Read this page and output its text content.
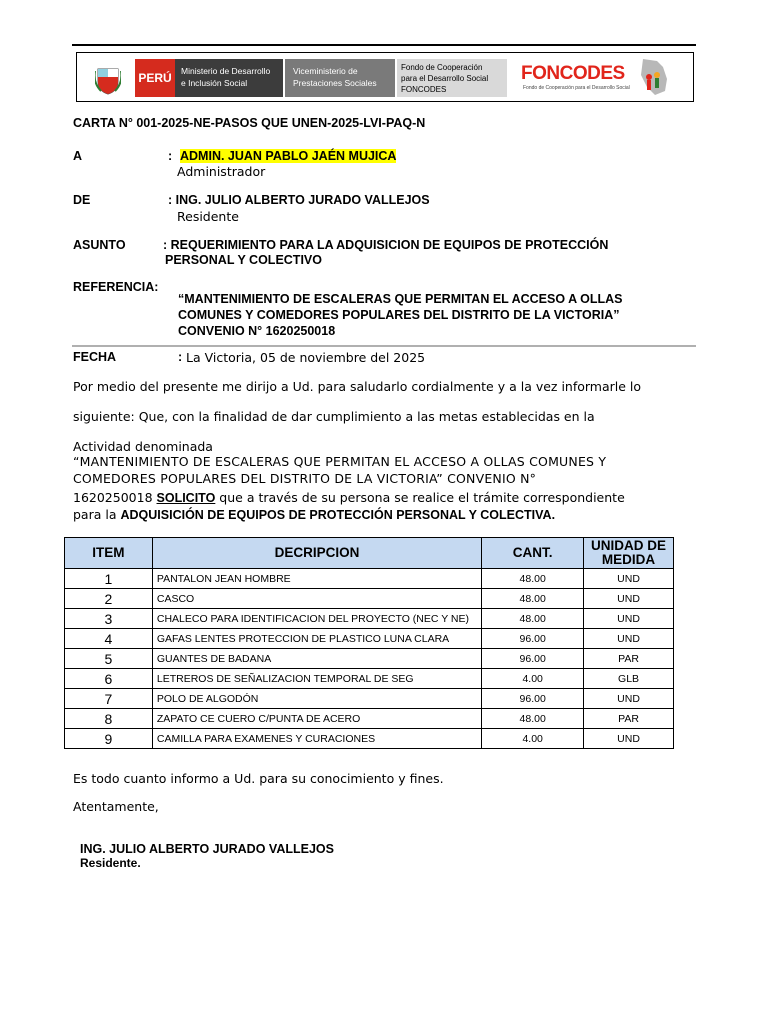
PERÚ	Ministerio de Desarrollo
e Inclusión Social
Viceministerio de
Prestaciones Sociales
Fondo de Cooperación
para el Desarrollo Social
FONCODES
FONCODES
Fondo de Cooperación para el Desarrollo Social
CARTA N° 001-2025-NE-PASOS QUE UNEN-2025-LVI-PAQ-N
A	: ADMIN. JUAN PABLO JAÉN MUJICA
Administrador
DE	: ING. JULIO ALBERTO JURADO VALLEJOS
Residente
ASUNTO	: REQUERIMIENTO PARA LA ADQUISICION DE EQUIPOS DE PROTECCIÓN
PERSONAL Y COLECTIVO
REFERENCIA:
“MANTENIMIENTO DE ESCALERAS QUE PERMITAN EL ACCESO A OLLAS
COMUNES Y COMEDORES POPULARES DEL DISTRITO DE LA VICTORIA”
CONVENIO N° 1620250018
FECHA	: La Victoria, 05 de noviembre del 2025
Por medio del presente me dirijo a Ud. para saludarlo cordialmente y a la vez informarle lo
siguiente: Que, con la finalidad de dar cumplimiento a las metas establecidas en la
Actividad denominada
“MANTENIMIENTO DE ESCALERAS QUE PERMITAN EL ACCESO A OLLAS COMUNES Y
COMEDORES POPULARES DEL DISTRITO DE LA VICTORIA” CONVENIO N°
1620250018 SOLICITO que a través de su persona se realice el trámite correspondiente
para la ADQUISICIÓN DE EQUIPOS DE PROTECCIÓN PERSONAL Y COLECTIVA.
ITEM	DECRIPCION	CANT.	UNIDAD DE MEDIDA
1	PANTALON JEAN HOMBRE	48.00	UND
2	CASCO	48.00	UND
3	CHALECO PARA IDENTIFICACION DEL PROYECTO (NEC Y NE)	48.00	UND
4	GAFAS LENTES PROTECCION DE PLASTICO LUNA CLARA	96.00	UND
5	GUANTES DE BADANA	96.00	PAR
6	LETREROS DE SEÑALIZACION TEMPORAL DE SEG	4.00	GLB
7	POLO DE ALGODÓN	96.00	UND
8	ZAPATO CE CUERO C/PUNTA DE ACERO	48.00	PAR
9	CAMILLA PARA EXAMENES Y CURACIONES	4.00	UND
Es todo cuanto informo a Ud. para su conocimiento y fines.
Atentamente,
ING. JULIO ALBERTO JURADO VALLEJOS
Residente.
